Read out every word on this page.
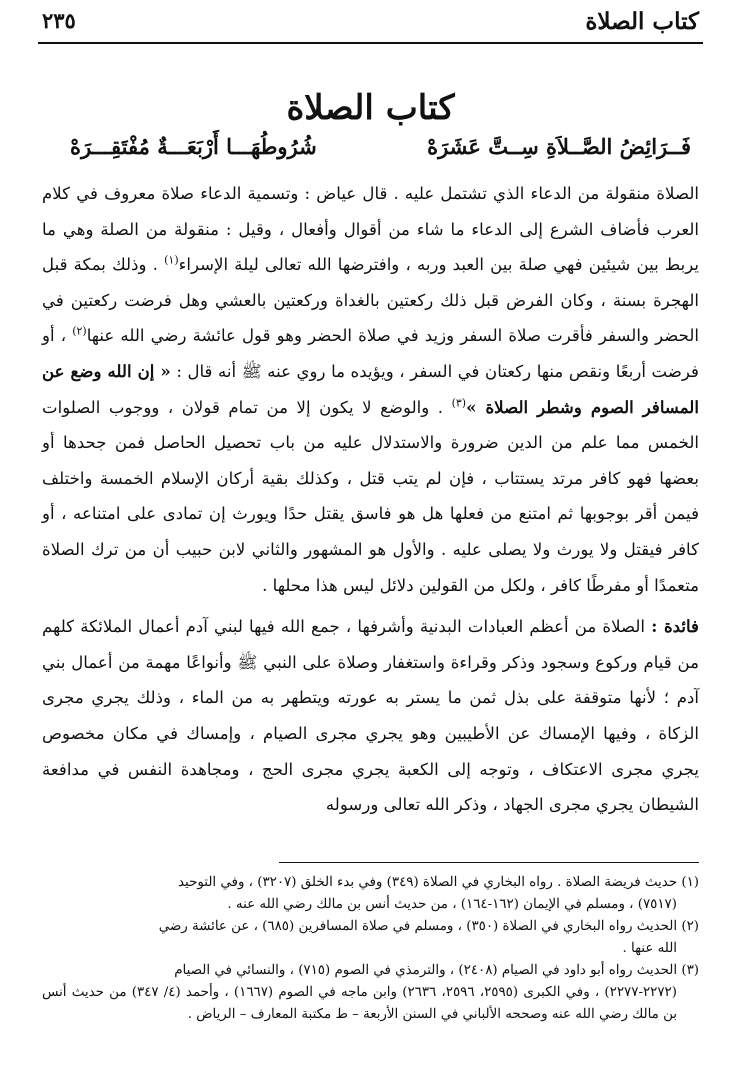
كتاب الصلاة
٢٣٥
كتاب الصلاة
فَــرَائِضُ الصَّــلاَةِ سِــتَّ عَشَرَهْ
شُرُوطُهَـــا أَرْبَعَـــةٌ مُفْتَقِـــرَهْ

الصلاة منقولة من الدعاء الذي تشتمل عليه . قال عياض : وتسمية الدعاء صلاة معروف في كلام العرب فأضاف الشرع إلى الدعاء ما شاء من أقوال وأفعال ، وقيل : منقولة من الصلة وهي ما يربط بين شيئين فهي صلة بين العبد وربه ، وافترضها الله تعالى ليلة الإسراء$^{(١)}$ . وذلك بمكة قبل الهجرة بسنة ، وكان الفرض قبل ذلك ركعتين بالغداة وركعتين بالعشي وهل فرضت ركعتين في الحضر والسفر فأقرت صلاة السفر وزيد في صلاة الحضر وهو قول عائشة رضي الله عنها$^{(٢)}$ ، أو فرضت أربعًا ونقص منها ركعتان في السفر ، ويؤيده ما روي عنه ﷺ أنه قال : « إن الله وضع عن المسافر الصوم وشطر الصلاة »$^{(٣)}$ . والوضع لا يكون إلا من تمام قولان ، ووجوب الصلوات الخمس مما علم من الدين ضرورة والاستدلال عليه من باب تحصيل الحاصل فمن جحدها أو بعضها فهو كافر مرتد يستتاب ، فإن لم يتب قتل ، وكذلك بقية أركان الإسلام الخمسة واختلف فيمن أقر بوجوبها ثم امتنع من فعلها هل هو فاسق يقتل حدًا ويورث إن تمادى على امتناعه ، أو كافر فيقتل ولا يورث ولا يصلى عليه . والأول هو المشهور والثاني لابن حبيب أن من ترك الصلاة متعمدًا أو مفرطًا كافر ، ولكل من القولين دلائل ليس هذا محلها .

فائدة : الصلاة من أعظم العبادات البدنية وأشرفها ، جمع الله فيها لبني آدم أعمال الملائكة كلهم من قيام وركوع وسجود وذكر وقراءة واستغفار وصلاة على النبي ﷺ وأنواعًا مهمة من أعمال بني آدم ؛ لأنها متوقفة على بذل ثمن ما يستر به عورته ويتطهر به من الماء ، وذلك يجري مجرى الزكاة ، وفيها الإمساك عن الأطيبين وهو يجري مجرى الصيام ، وإمساك في مكان مخصوص يجري مجرى الاعتكاف ، وتوجه إلى الكعبة يجري مجرى الحج ، ومجاهدة النفس في مدافعة الشيطان يجري مجرى الجهاد ، وذكر الله تعالى ورسوله

(١) حديث فريضة الصلاة . رواه البخاري في الصلاة (٣٤٩) وفي بدء الخلق (٣٢٠٧) ، وفي التوحيد
(٧٥١٧) ، ومسلم في الإيمان (١٦٢-١٦٤) ، من حديث أنس بن مالك رضي الله عنه .

(٢) الحديث رواه البخاري في الصلاة (٣٥٠) ، ومسلم في صلاة المسافرين (٦٨٥) ، عن عائشة رضي
الله عنها .

(٣) الحديث رواه أبو داود في الصيام (٢٤٠٨) ، والترمذي في الصوم (٧١٥) ، والنسائي في الصيام
(٢٢٧٢-٢٢٧٧) ، وفي الكبرى (٢٥٩٥، ٢٥٩٦، ٢٦٣٦) وابن ماجه في الصوم (١٦٦٧) ، وأحمد (٤/ ٣٤٧) من حديث أنس بن مالك رضي الله عنه وصححه الألباني في السنن الأربعة – ط مكتبة المعارف – الرياض .
